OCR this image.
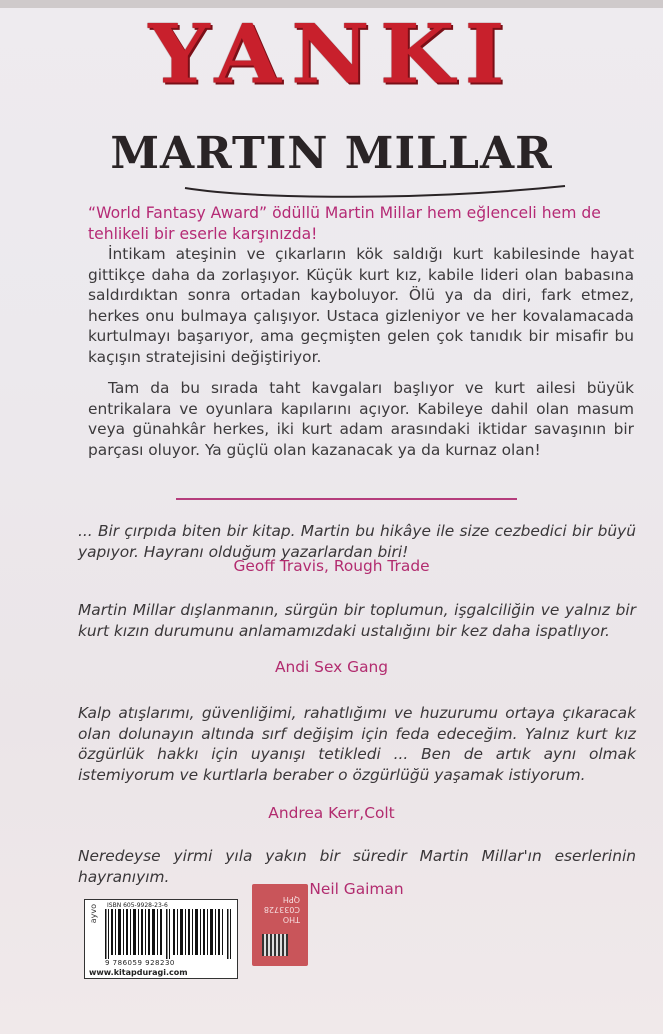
YANKI
MARTIN MILLAR
“World Fantasy Award” ödüllü Martin Millar hem eğlenceli hem de tehlikeli bir eserle karşınızda!
İntikam ateşinin ve çıkarların kök saldığı kurt kabilesinde hayat gittikçe daha da zorlaşıyor. Küçük kurt kız, kabile lideri olan babasına saldırdıktan sonra ortadan kayboluyor. Ölü ya da diri, fark etmez, herkes onu bulmaya çalışıyor. Ustaca gizleniyor ve her kovalamacada kurtulmayı başarıyor, ama geçmişten gelen çok tanıdık bir misafir bu kaçışın stratejisini değiştiriyor.
Tam da bu sırada taht kavgaları başlıyor ve kurt ailesi büyük entrikalara ve oyunlara kapılarını açıyor. Kabileye dahil olan masum veya günahkâr herkes, iki kurt adam arasındaki iktidar savaşının bir parçası oluyor. Ya güçlü olan kazanacak ya da kurnaz olan!
... Bir çırpıda biten bir kitap. Martin bu hikâye ile size cezbedici bir büyü yapıyor. Hayranı olduğum yazarlardan biri!
Geoff Travis, Rough Trade
Martin Millar dışlanmanın, sürgün bir toplumun, işgalciliğin ve yalnız bir kurt kızın durumunu anlamamızdaki ustalığını bir kez daha ispatlıyor.
Andi Sex Gang
Kalp atışlarımı, güvenliğimi, rahatlığımı ve huzurumu ortaya çıkaracak olan dolunayın altında sırf değişim için feda edeceğim. Yalnız kurt kız özgürlük hakkı için uyanışı tetikledi ... Ben de artık aynı olmak istemiyorum ve kurtlarla beraber o özgürlüğü yaşamak istiyorum.
Andrea Kerr,Colt
Neredeyse yirmi yıla yakın bir süredir Martin Millar'ın eserlerinin hayranıyım.
Neil Gaiman
ayvo ISBN 605-9928-23-6
9 786059 928230
www.kitapduragi.com
THO C033728 QPH
